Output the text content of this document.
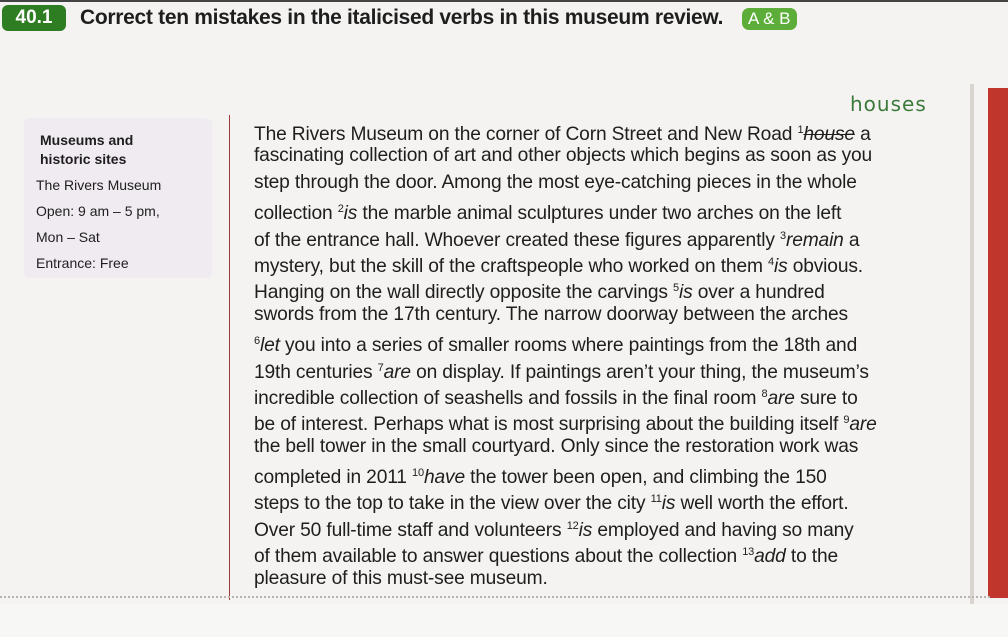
40.1	Correct ten mistakes in the italicised verbs in this museum review.	A & B
Museums and
historic sites
The Rivers Museum
Open: 9 am – 5 pm,
Mon – Sat
Entrance: Free
houses
The Rivers Museum on the corner of Corn Street and New Road $^1$house a
fascinating collection of art and other objects which begins as soon as you
step through the door. Among the most eye-catching pieces in the whole
collection $^2$is the marble animal sculptures under two arches on the left
of the entrance hall. Whoever created these figures apparently $^3$remain a
mystery, but the skill of the craftspeople who worked on them $^4$is obvious.
Hanging on the wall directly opposite the carvings $^5$is over a hundred
swords from the 17th century. The narrow doorway between the arches
$^6$let you into a series of smaller rooms where paintings from the 18th and
19th centuries $^7$are on display. If paintings aren’t your thing, the museum’s
incredible collection of seashells and fossils in the final room $^8$are sure to
be of interest. Perhaps what is most surprising about the building itself $^9$are
the bell tower in the small courtyard. Only since the restoration work was
completed in 2011 $^{10}$have the tower been open, and climbing the 150
steps to the top to take in the view over the city $^{11}$is well worth the effort.
Over 50 full-time staff and volunteers $^{12}$is employed and having so many
of them available to answer questions about the collection $^{13}$add to the
pleasure of this must-see museum.
